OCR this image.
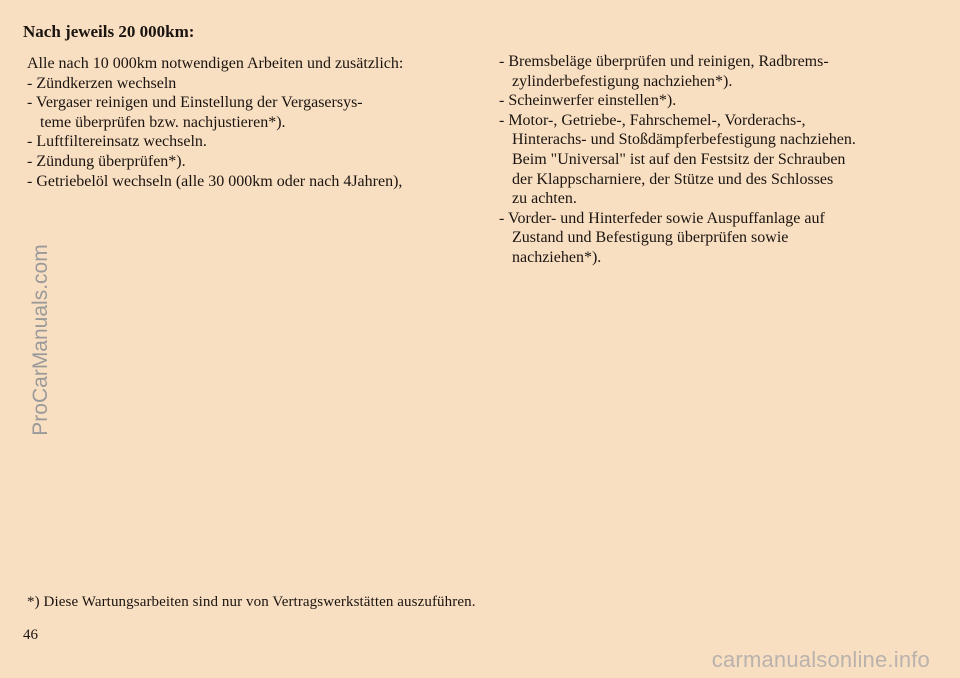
Nach jeweils 20 000km:
Alle nach 10 000km notwendigen Arbeiten und zusätzlich:
- Zündkerzen wechseln
- Vergaser reinigen und Einstellung der Vergasersys-
teme überprüfen bzw. nachjustieren*).
- Luftfiltereinsatz wechseln.
- Zündung überprüfen*).
- Getriebelöl wechseln (alle 30 000km oder nach 4Jahren),
- Bremsbeläge überprüfen und reinigen, Radbrems-
zylinderbefestigung nachziehen*).
- Scheinwerfer einstellen*).
- Motor-, Getriebe-, Fahrschemel-, Vorderachs-,
Hinterachs- und Stoßdämpferbefestigung nachziehen.
Beim "Universal" ist auf den Festsitz der Schrauben
der Klappscharniere, der Stütze und des Schlosses
zu achten.
- Vorder- und Hinterfeder sowie Auspuffanlage auf
Zustand und Befestigung überprüfen sowie
nachziehen*).
*) Diese Wartungsarbeiten sind nur von Vertragswerkstätten auszuführen.
46
ProCarManuals.com
carmanualsonline.info
